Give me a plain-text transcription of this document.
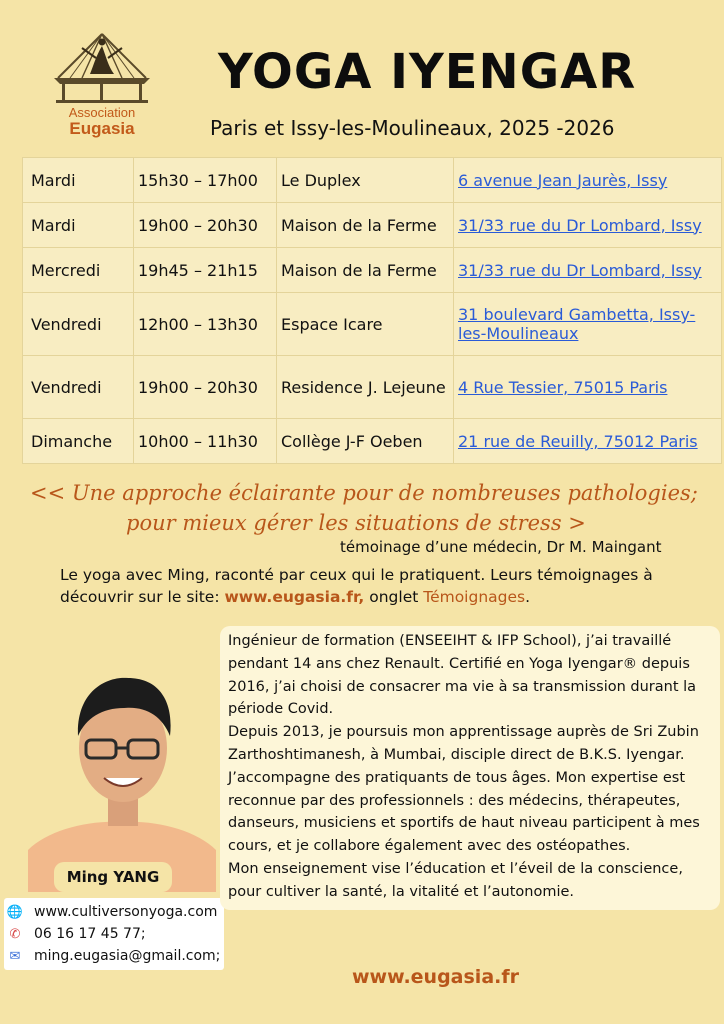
Association
Eugasia
YOGA IYENGAR
Paris et Issy-les-Moulineaux, 2025 -2026
Mardi	15h30 – 17h00	Le Duplex	6 avenue Jean Jaurès, Issy
Mardi	19h00 – 20h30	Maison de la Ferme	31/33 rue du Dr Lombard, Issy
Mercredi	19h45 – 21h15	Maison de la Ferme	31/33 rue du Dr Lombard, Issy
Vendredi	12h00 – 13h30	Espace Icare	31 boulevard Gambetta, Issy-les-Moulineaux
Vendredi	19h00 – 20h30	Residence J. Lejeune	4 Rue Tessier, 75015 Paris
Dimanche	10h00 – 11h30	Collège J-F Oeben	21 rue de Reuilly, 75012 Paris
<< Une approche éclairante pour de nombreuses pathologies;
pour mieux gérer les situations de stress >
témoinage d’une médecin, Dr M. Maingant
Le yoga avec Ming, raconté par ceux qui le pratiquent. Leurs témoignages à découvrir sur le site: www.eugasia.fr, onglet Témoignages.
Ming YANG
🌐 www.cultiversonyoga.com
✆ 06 16 17 45 77;
✉ ming.eugasia@gmail.com;

Ingénieur de formation (ENSEEIHT & IFP School), j’ai travaillé pendant 14 ans chez Renault. Certifié en Yoga Iyengar® depuis 2016, j’ai choisi de consacrer ma vie à sa transmission durant la période Covid.

Depuis 2013, je poursuis mon apprentissage auprès de Sri Zubin Zarthoshtimanesh, à Mumbai, disciple direct de B.K.S. Iyengar.

J’accompagne des pratiquants de tous âges. Mon expertise est reconnue par des professionnels : des médecins, thérapeutes, danseurs, musiciens et sportifs de haut niveau participent à mes cours, et je collabore également avec des ostéopathes.

Mon enseignement vise l’éducation et l’éveil de la conscience, pour cultiver la santé, la vitalité et l’autonomie.

www.eugasia.fr
